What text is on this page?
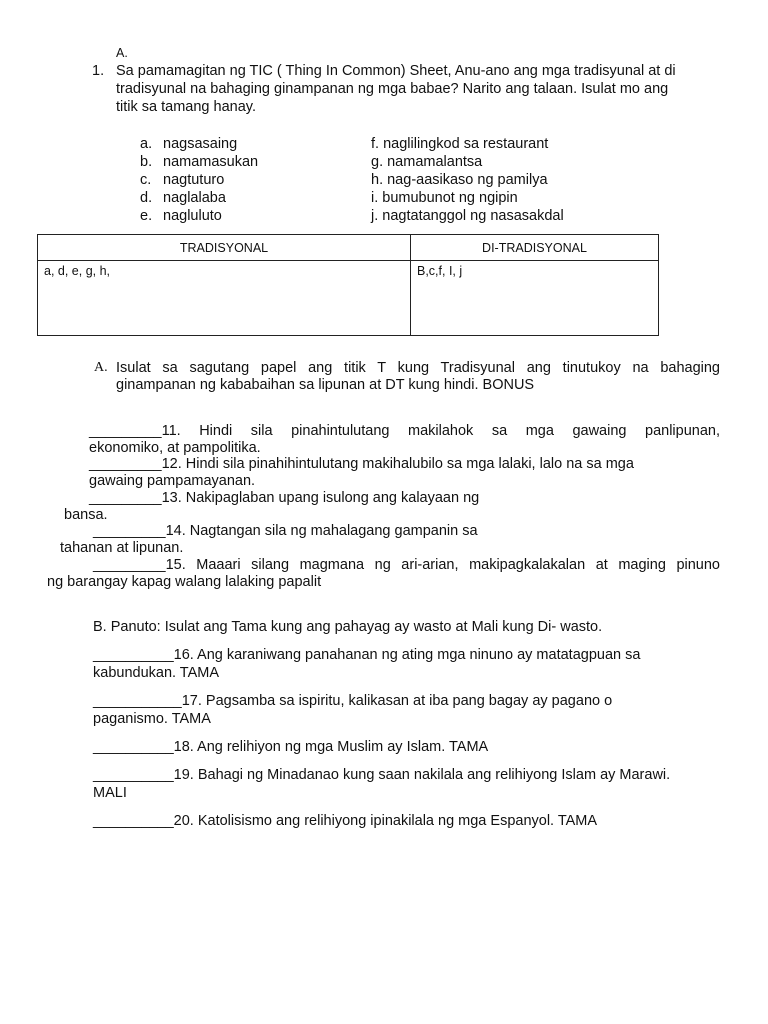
A.
1. Sa pamamagitan ng TIC ( Thing In Common) Sheet, Anu-ano ang mga tradisyunal at di
tradisyunal na bahaging ginampanan ng mga babae? Narito ang talaan. Isulat mo ang
titik sa tamang hanay.
a. nagsasaing
b. namamasukan
c. nagtuturo
d. naglalaba
e. nagluluto
f. naglilingkod sa restaurant
g. namamalantsa
h. nag-aasikaso ng pamilya
i. bumubunot ng ngipin
j. nagtatanggol ng nasasakdal
TRADISYONAL	DI-TRADISYONAL
a, d, e, g, h,	B,c,f, I, j
A. Isulat sa sagutang papel ang titik T kung Tradisyunal ang tinutukoy na bahaging
ginampanan ng kababaihan sa lipunan at DT kung hindi. BONUS
_________11. Hindi sila pinahintulutang makilahok sa mga gawaing panlipunan,
ekonomiko, at pampolitika.
_________12. Hindi sila pinahihintulutang makihalubilo sa mga lalaki, lalo na sa mga
gawaing pampamayanan.
_________13. Nakipaglaban upang isulong ang kalayaan ng
bansa.
_________14. Nagtangan sila ng mahalagang gampanin sa
tahanan at lipunan.
_________15. Maaari silang magmana ng ari-arian, makipagkalakalan at maging pinuno
ng barangay kapag walang lalaking papalit
B. Panuto: Isulat ang Tama kung ang pahayag ay wasto at Mali kung Di- wasto.
__________16. Ang karaniwang panahanan ng ating mga ninuno ay matatagpuan sa
kabundukan. TAMA
___________17. Pagsamba sa ispiritu, kalikasan at iba pang bagay ay pagano o
paganismo. TAMA
__________18. Ang relihiyon ng mga Muslim ay Islam. TAMA
__________19. Bahagi ng Minadanao kung saan nakilala ang relihiyong Islam ay Marawi.
MALI
__________20. Katolisismo ang relihiyong ipinakilala ng mga Espanyol. TAMA
